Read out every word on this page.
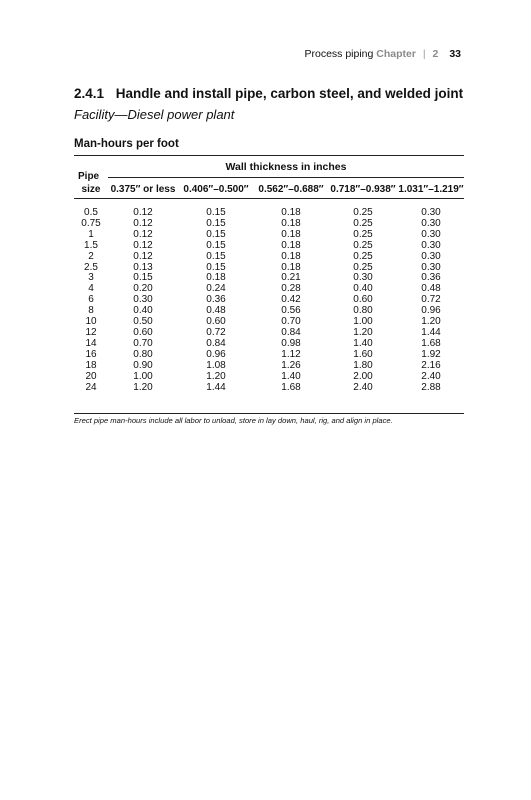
Process piping Chapter | 2 33
2.4.1 Handle and install pipe, carbon steel, and welded joint
Facility—Diesel power plant
Man-hours per foot
Wall thickness in inches
Pipe
size	0.375″ or less	0.406″–0.500″	0.562″–0.688″	0.718″–0.938″	1.031″–1.219″

0.5	0.12	0.15	0.18	0.25	0.30
0.75	0.12	0.15	0.18	0.25	0.30
1	0.12	0.15	0.18	0.25	0.30
1.5	0.12	0.15	0.18	0.25	0.30
2	0.12	0.15	0.18	0.25	0.30
2.5	0.13	0.15	0.18	0.25	0.30
3	0.15	0.18	0.21	0.30	0.36
4	0.20	0.24	0.28	0.40	0.48
6	0.30	0.36	0.42	0.60	0.72
8	0.40	0.48	0.56	0.80	0.96
10	0.50	0.60	0.70	1.00	1.20
12	0.60	0.72	0.84	1.20	1.44
14	0.70	0.84	0.98	1.40	1.68
16	0.80	0.96	1.12	1.60	1.92
18	0.90	1.08	1.26	1.80	2.16
20	1.00	1.20	1.40	2.00	2.40
24	1.20	1.44	1.68	2.40	2.88
Erect pipe man-hours include all labor to unload, store in lay down, haul, rig, and align in place.
